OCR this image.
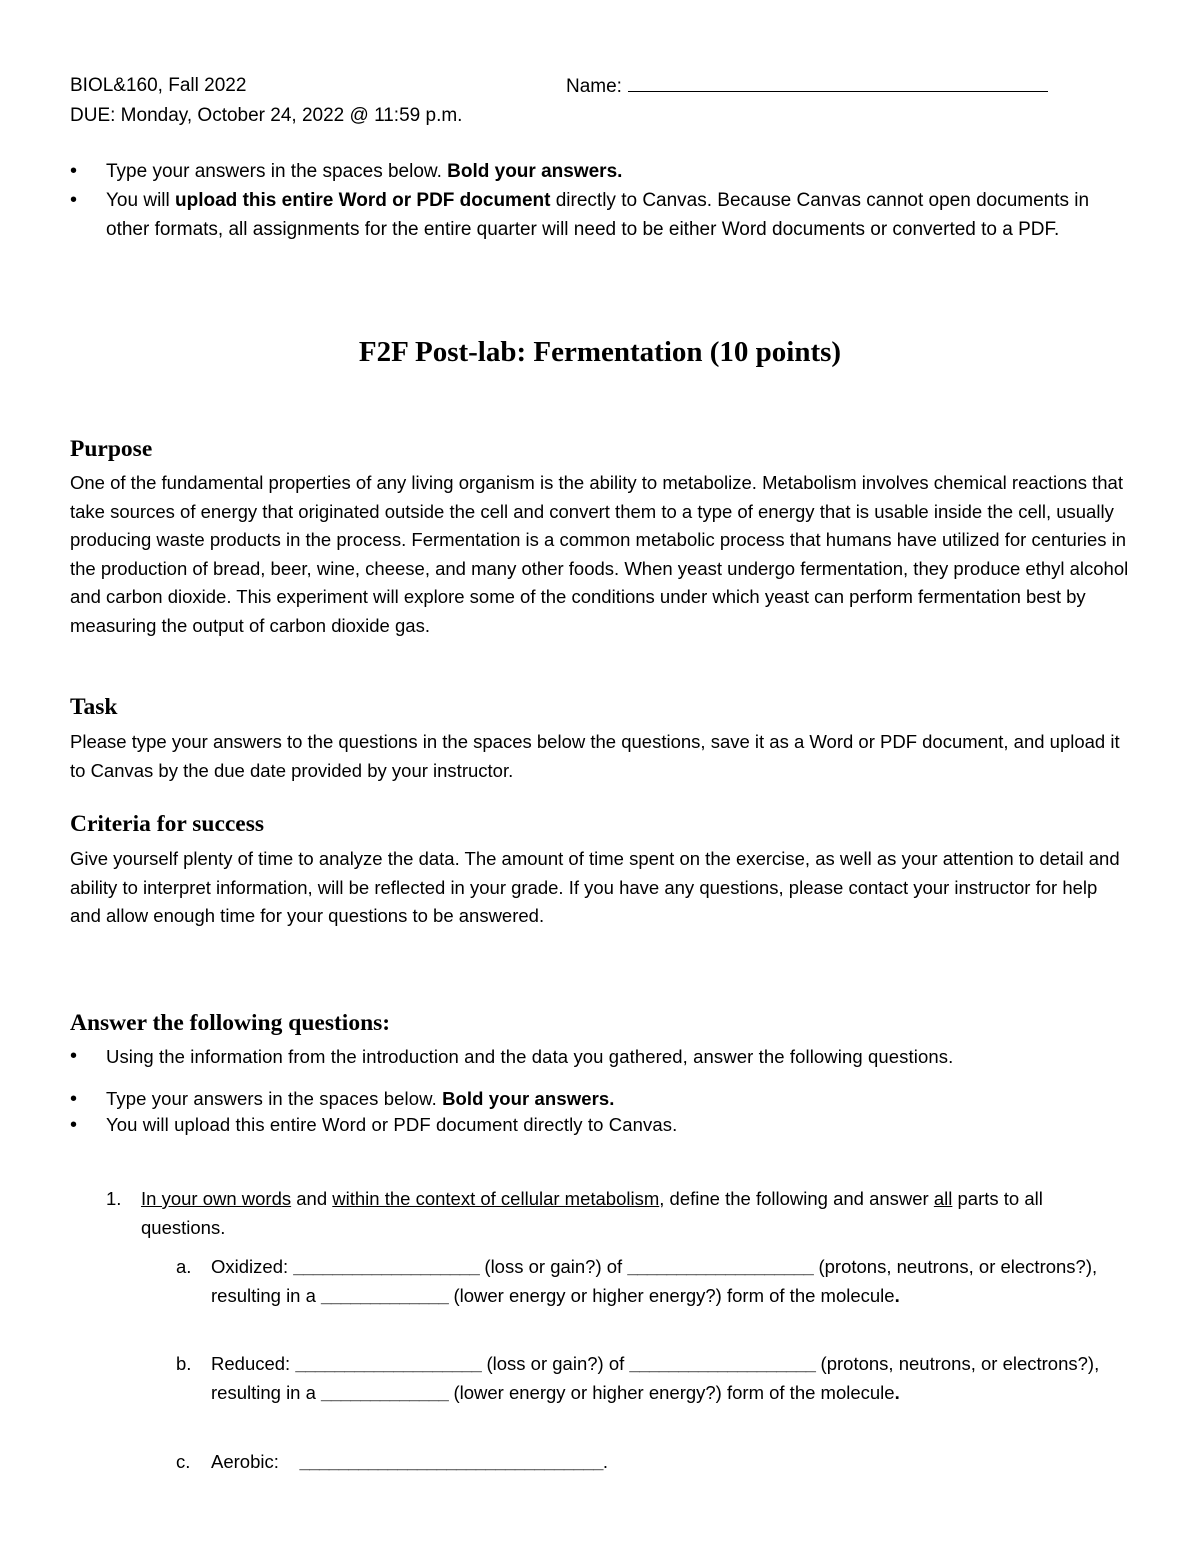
BIOL&160, Fall 2022
DUE: Monday, October 24, 2022 @ 11:59 p.m.
Name:
• Type your answers in the spaces below. Bold your answers.
• You will upload this entire Word or PDF document directly to Canvas. Because Canvas cannot open documents in other formats, all assignments for the entire quarter will need to be either Word documents or converted to a PDF.
F2F Post-lab: Fermentation (10 points)
Purpose

One of the fundamental properties of any living organism is the ability to metabolize. Metabolism involves chemical reactions that take sources of energy that originated outside the cell and convert them to a type of energy that is usable inside the cell, usually producing waste products in the process. Fermentation is a common metabolic process that humans have utilized for centuries in the production of bread, beer, wine, cheese, and many other foods. When yeast undergo fermentation, they produce ethyl alcohol and carbon dioxide. This experiment will explore some of the conditions under which yeast can perform fermentation best by measuring the output of carbon dioxide gas.

Task

Please type your answers to the questions in the spaces below the questions, save it as a Word or PDF document, and upload it to Canvas by the due date provided by your instructor.

Criteria for success

Give yourself plenty of time to analyze the data. The amount of time spent on the exercise, as well as your attention to detail and ability to interpret information, will be reflected in your grade. If you have any questions, please contact your instructor for help and allow enough time for your questions to be answered.

Answer the following questions:
• Using the information from the introduction and the data you gathered, answer the following questions.
• Type your answers in the spaces below. Bold your answers.
• You will upload this entire Word or PDF document directly to Canvas.
1. In your own words and within the context of cellular metabolism, define the following and answer all parts to all questions.
a. Oxidized: ___________________ (loss or gain?) of ___________________ (protons, neutrons, or electrons?), resulting in a _____________ (lower energy or higher energy?) form of the molecule.
b. Reduced: ___________________ (loss or gain?) of ___________________ (protons, neutrons, or electrons?), resulting in a _____________ (lower energy or higher energy?) form of the molecule.
c. Aerobic:    _______________________________.
